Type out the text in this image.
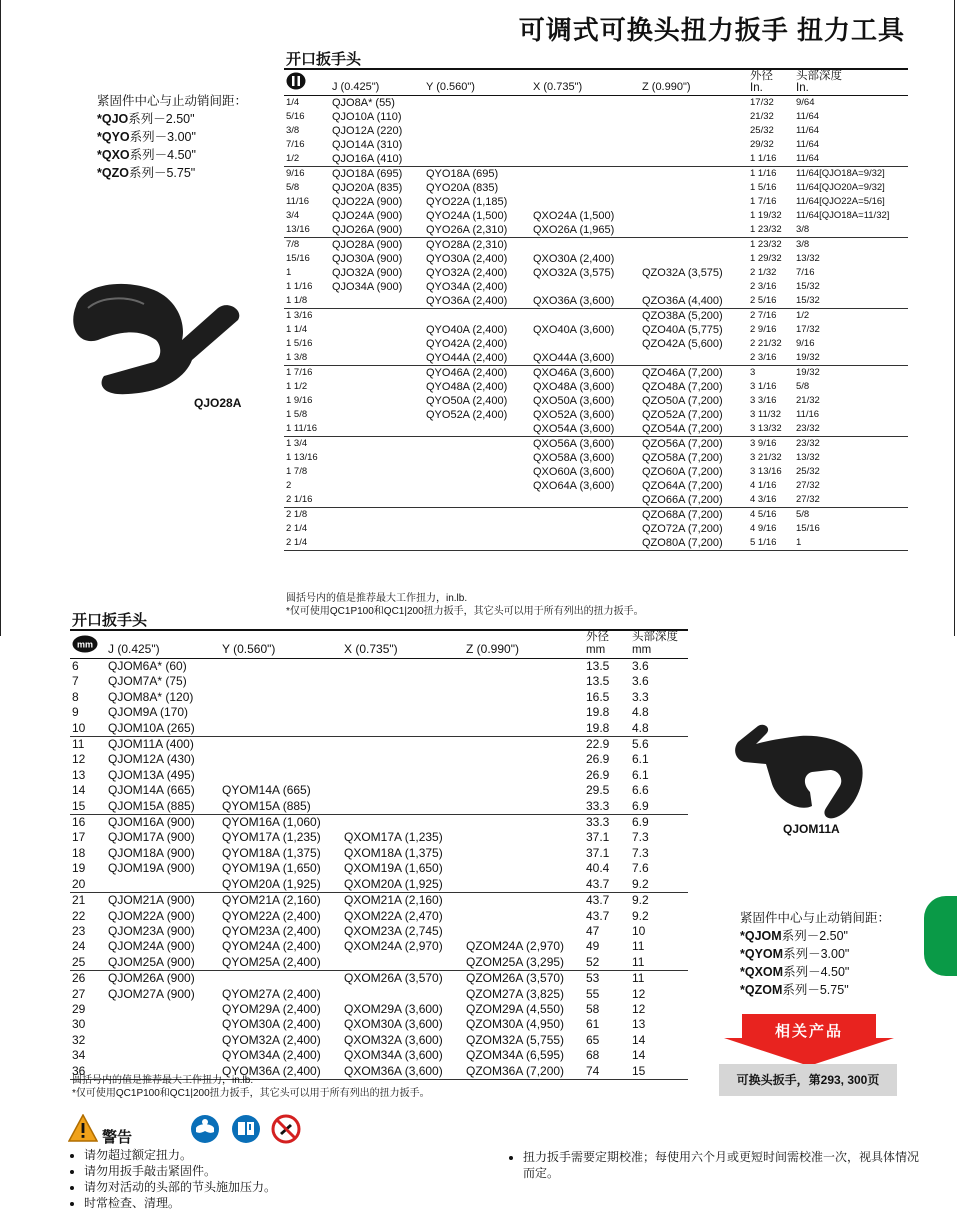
可调式可换头扭力扳手 扭力工具
开口扳手头
紧固件中心与止动销间距：
*QJO系列－2.50"
*QYO系列－3.00"
*QXO系列－4.50"
*QZO系列－5.75"
QJO28A
	J (0.425")	Y (0.560")	X (0.735")	Z (0.990")	外径
In.	头部深度
In.
1/4	QJO8A* (55)				17/32	9/64
5/16	QJO10A (110)				21/32	11/64
3/8	QJO12A (220)				25/32	11/64
7/16	QJO14A (310)				29/32	11/64
1/2	QJO16A (410)				1 1/16	11/64
9/16	QJO18A (695)	QYO18A (695)			1 1/16	11/64[QJO18A=9/32]
5/8	QJO20A (835)	QYO20A (835)			1 5/16	11/64[QJO20A=9/32]
11/16	QJO22A (900)	QYO22A (1,185)			1 7/16	11/64[QJO22A=5/16]
3/4	QJO24A (900)	QYO24A (1,500)	QXO24A (1,500)		1 19/32	11/64[QJO18A=11/32]
13/16	QJO26A (900)	QYO26A (2,310)	QXO26A (1,965)		1 23/32	3/8
7/8	QJO28A (900)	QYO28A (2,310)			1 23/32	3/8
15/16	QJO30A (900)	QYO30A (2,400)	QXO30A (2,400)		1 29/32	13/32
1	QJO32A (900)	QYO32A (2,400)	QXO32A (3,575)	QZO32A (3,575)	2 1/32	7/16
1 1/16	QJO34A (900)	QYO34A (2,400)			2 3/16	15/32
1 1/8		QYO36A (2,400)	QXO36A (3,600)	QZO36A (4,400)	2 5/16	15/32
1 3/16				QZO38A (5,200)	2 7/16	1/2
1 1/4		QYO40A (2,400)	QXO40A (3,600)	QZO40A (5,775)	2 9/16	17/32
1 5/16		QYO42A (2,400)		QZO42A (5,600)	2 21/32	9/16
1 3/8		QYO44A (2,400)	QXO44A (3,600)		2 3/16	19/32
1 7/16		QYO46A (2,400)	QXO46A (3,600)	QZO46A (7,200)	3	19/32
1 1/2		QYO48A (2,400)	QXO48A (3,600)	QZO48A (7,200)	3 1/16	5/8
1 9/16		QYO50A (2,400)	QXO50A (3,600)	QZO50A (7,200)	3 3/16	21/32
1 5/8		QYO52A (2,400)	QXO52A (3,600)	QZO52A (7,200)	3 11/32	11/16
1 11/16			QXO54A (3,600)	QZO54A (7,200)	3 13/32	23/32
1 3/4			QXO56A (3,600)	QZO56A (7,200)	3 9/16	23/32
1 13/16			QXO58A (3,600)	QZO58A (7,200)	3 21/32	13/32
1 7/8			QXO60A (3,600)	QZO60A (7,200)	3 13/16	25/32
2			QXO64A (3,600)	QZO64A (7,200)	4 1/16	27/32
2 1/16				QZO66A (7,200)	4 3/16	27/32
2 1/8				QZO68A (7,200)	4 5/16	5/8
2 1/4				QZO72A (7,200)	4 9/16	15/16
2 1/4				QZO80A (7,200)	5 1/16	1
圆括号内的值是推荐最大工作扭力，in.lb.
*仅可使用QC1P100和QC1|200扭力扳手，其它头可以用于所有列出的扭力扳手。
开口扳手头
mm	J (0.425")	Y (0.560")	X (0.735")	Z (0.990")	外径
mm	头部深度
mm
6	QJOM6A* (60)				13.5	3.6
7	QJOM7A* (75)				13.5	3.6
8	QJOM8A* (120)				16.5	3.3
9	QJOM9A (170)				19.8	4.8
10	QJOM10A (265)				19.8	4.8
11	QJOM11A (400)				22.9	5.6
12	QJOM12A (430)				26.9	6.1
13	QJOM13A (495)				26.9	6.1
14	QJOM14A (665)	QYOM14A (665)			29.5	6.6
15	QJOM15A (885)	QYOM15A (885)			33.3	6.9
16	QJOM16A (900)	QYOM16A (1,060)			33.3	6.9
17	QJOM17A (900)	QYOM17A (1,235)	QXOM17A (1,235)		37.1	7.3
18	QJOM18A (900)	QYOM18A (1,375)	QXOM18A (1,375)		37.1	7.3
19	QJOM19A (900)	QYOM19A (1,650)	QXOM19A (1,650)		40.4	7.6
20		QYOM20A (1,925)	QXOM20A (1,925)		43.7	9.2
21	QJOM21A (900)	QYOM21A (2,160)	QXOM21A (2,160)		43.7	9.2
22	QJOM22A (900)	QYOM22A (2,400)	QXOM22A (2,470)		43.7	9.2
23	QJOM23A (900)	QYOM23A (2,400)	QXOM23A (2,745)		47	10
24	QJOM24A (900)	QYOM24A (2,400)	QXOM24A (2,970)	QZOM24A (2,970)	49	11
25	QJOM25A (900)	QYOM25A (2,400)		QZOM25A (3,295)	52	11
26	QJOM26A (900)		QXOM26A (3,570)	QZOM26A (3,570)	53	11
27	QJOM27A (900)	QYOM27A (2,400)		QZOM27A (3,825)	55	12
29		QYOM29A (2,400)	QXOM29A (3,600)	QZOM29A (4,550)	58	12
30		QYOM30A (2,400)	QXOM30A (3,600)	QZOM30A (4,950)	61	13
32		QYOM32A (2,400)	QXOM32A (3,600)	QZOM32A (5,755)	65	14
34		QYOM34A (2,400)	QXOM34A (3,600)	QZOM34A (6,595)	68	14
36		QYOM36A (2,400)	QXOM36A (3,600)	QZOM36A (7,200)	74	15
圆括号内的值是推荐最大工作扭力，in.lb.
*仅可使用QC1P100和QC1|200扭力扳手，其它头可以用于所有列出的扭力扳手。
QJOM11A
紧固件中心与止动销间距：
*QJOM系列－2.50"
*QYOM系列－3.00"
*QXOM系列－4.50"
*QZOM系列－5.75"
相关产品
可换头扳手，第293, 300页
警告
• 请勿超过额定扭力。
• 请勿用扳手敲击紧固件。
• 请勿对活动的头部的节头施加压力。
• 时常检查、清理。
• 扭力扳手需要定期校准；每使用六个月或更短时间需校准一次，视具体情况而定。
